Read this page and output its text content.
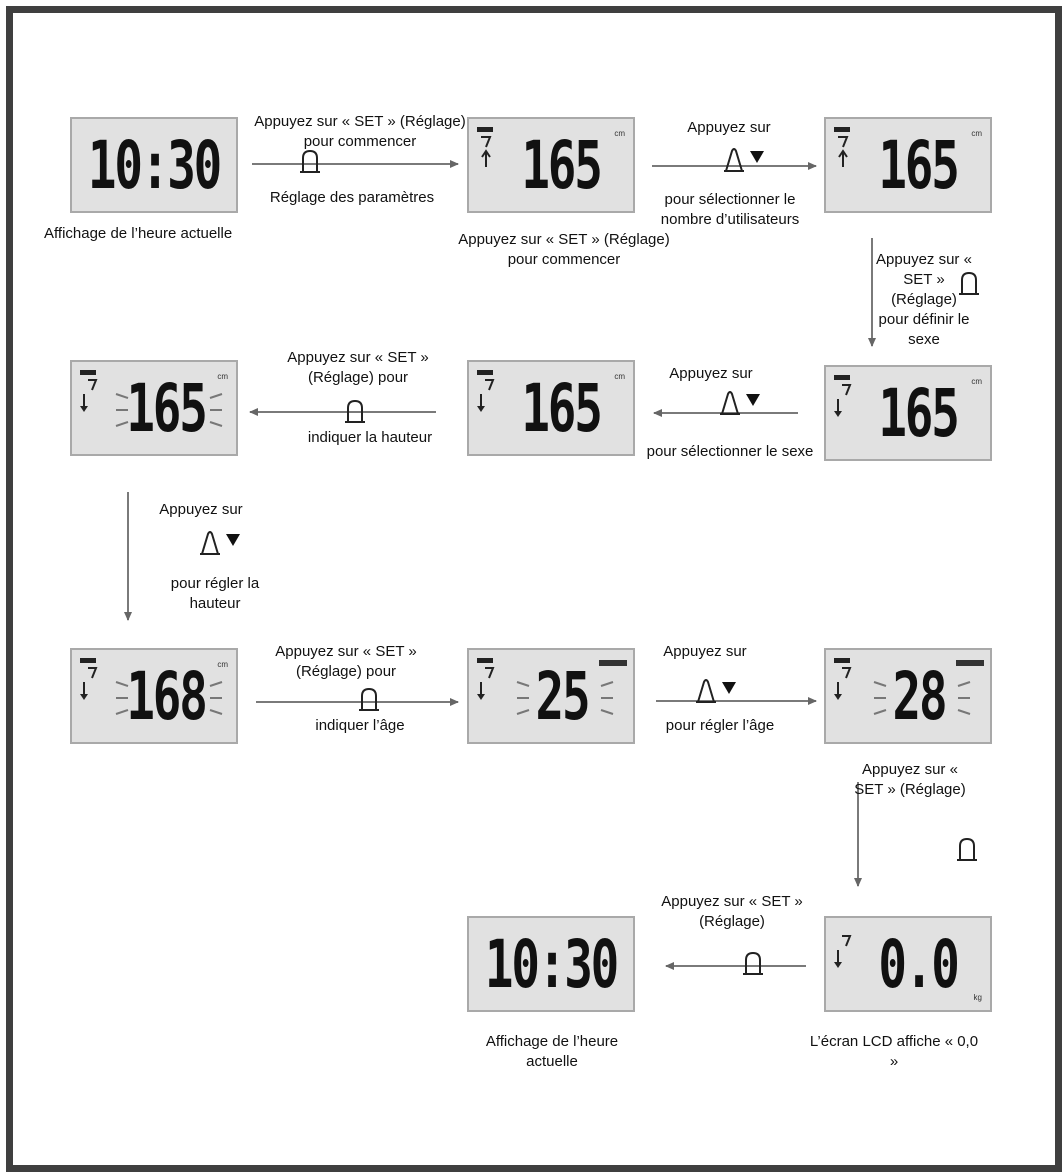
10:30	165 cm	165 cm
165 cm	165 cm	165 cm
168 cm	25	28
10:30	0.0 kg
Appuyez sur « SET » (Réglage) pour commencer
Réglage des paramètres
Affichage de l’heure actuelle	Appuyez sur « SET » (Réglage) pour commencer
Appuyez sur
pour sélectionner le nombre d’utilisateurs
Appuyez sur « SET » (Réglage) pour définir le sexe
Appuyez sur
pour sélectionner le sexe
Appuyez sur « SET » (Réglage) pour
indiquer la hauteur
Appuyez sur
pour régler la hauteur
Appuyez sur « SET » (Réglage) pour
indiquer l’âge
Appuyez sur
pour régler l’âge
Appuyez sur « SET » (Réglage)
Appuyez sur « SET » (Réglage)
Affichage de l’heure actuelle
L’écran LCD affiche « 0,0 »
